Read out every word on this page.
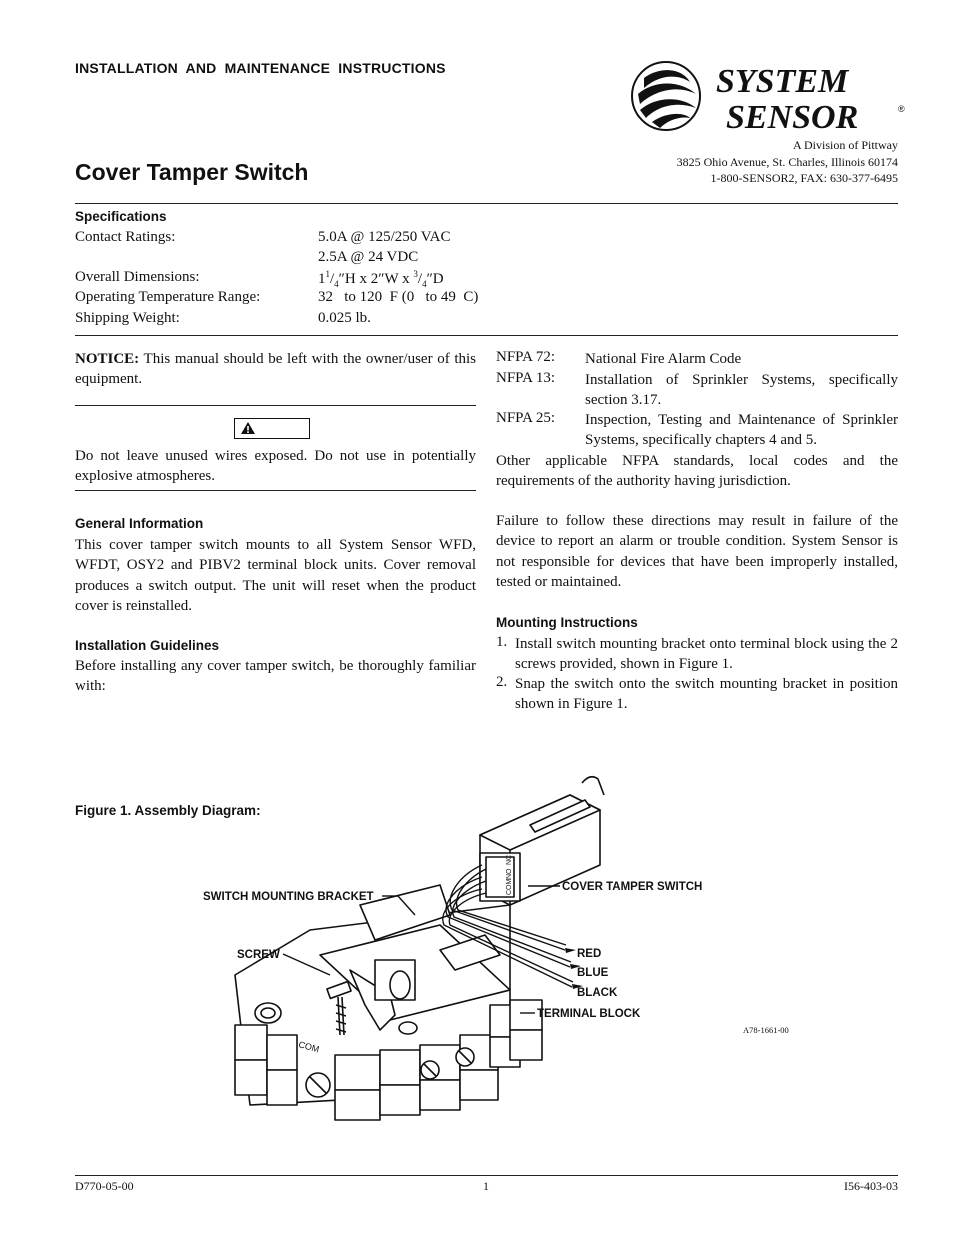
INSTALLATION AND MAINTENANCE INSTRUCTIONS	SYSTEM
SENSOR	®
A Division of Pittway
3825 Ohio Avenue, St. Charles, Illinois 60174
1-800-SENSOR2, FAX: 630-377-6495
Cover Tamper Switch
Specifications
Contact Ratings:	5.0A @ 125/250 VAC
2.5A @ 24 VDC
Overall Dimensions:	$1^1/_4''H$ x 2″W x $^3/_4''D$
Operating Temperature Range:	32   to 120  F (0   to 49  C)
Shipping Weight:	0.025 lb.
NOTICE: This manual should be left with the owner/user of this equipment.
Do not leave unused wires exposed. Do not use in potentially explosive atmospheres.
General Information
This cover tamper switch mounts to all System Sensor WFD, WFDT, OSY2 and PIBV2 terminal block units. Cover removal produces a switch output. The unit will reset when the product cover is reinstalled.
Installation Guidelines
Before installing any cover tamper switch, be thoroughly familiar with:
NFPA 72: National Fire Alarm Code
NFPA 13: Installation of Sprinkler Systems, specifically section 3.17.
NFPA 25: Inspection, Testing and Maintenance of Sprinkler Systems, specifically chapters 4 and 5.
Other applicable NFPA standards, local codes and the requirements of the authority having jurisdiction.
Failure to follow these directions may result in failure of the device to report an alarm or trouble condition. System Sensor is not responsible for devices that have been improperly installed, tested or maintained.
Mounting Instructions
1. Install switch mounting bracket onto terminal block using the 2 screws provided, shown in Figure 1.
2. Snap the switch onto the switch mounting bracket in position shown in Figure 1.
Figure 1. Assembly Diagram:
COM
NC
NO
COM
SWITCH MOUNTING BRACKET
SCREW
COVER TAMPER SWITCH
RED
BLUE
BLACK
TERMINAL BLOCK
A78-1661-00
D770-05-00	1	I56-403-03
